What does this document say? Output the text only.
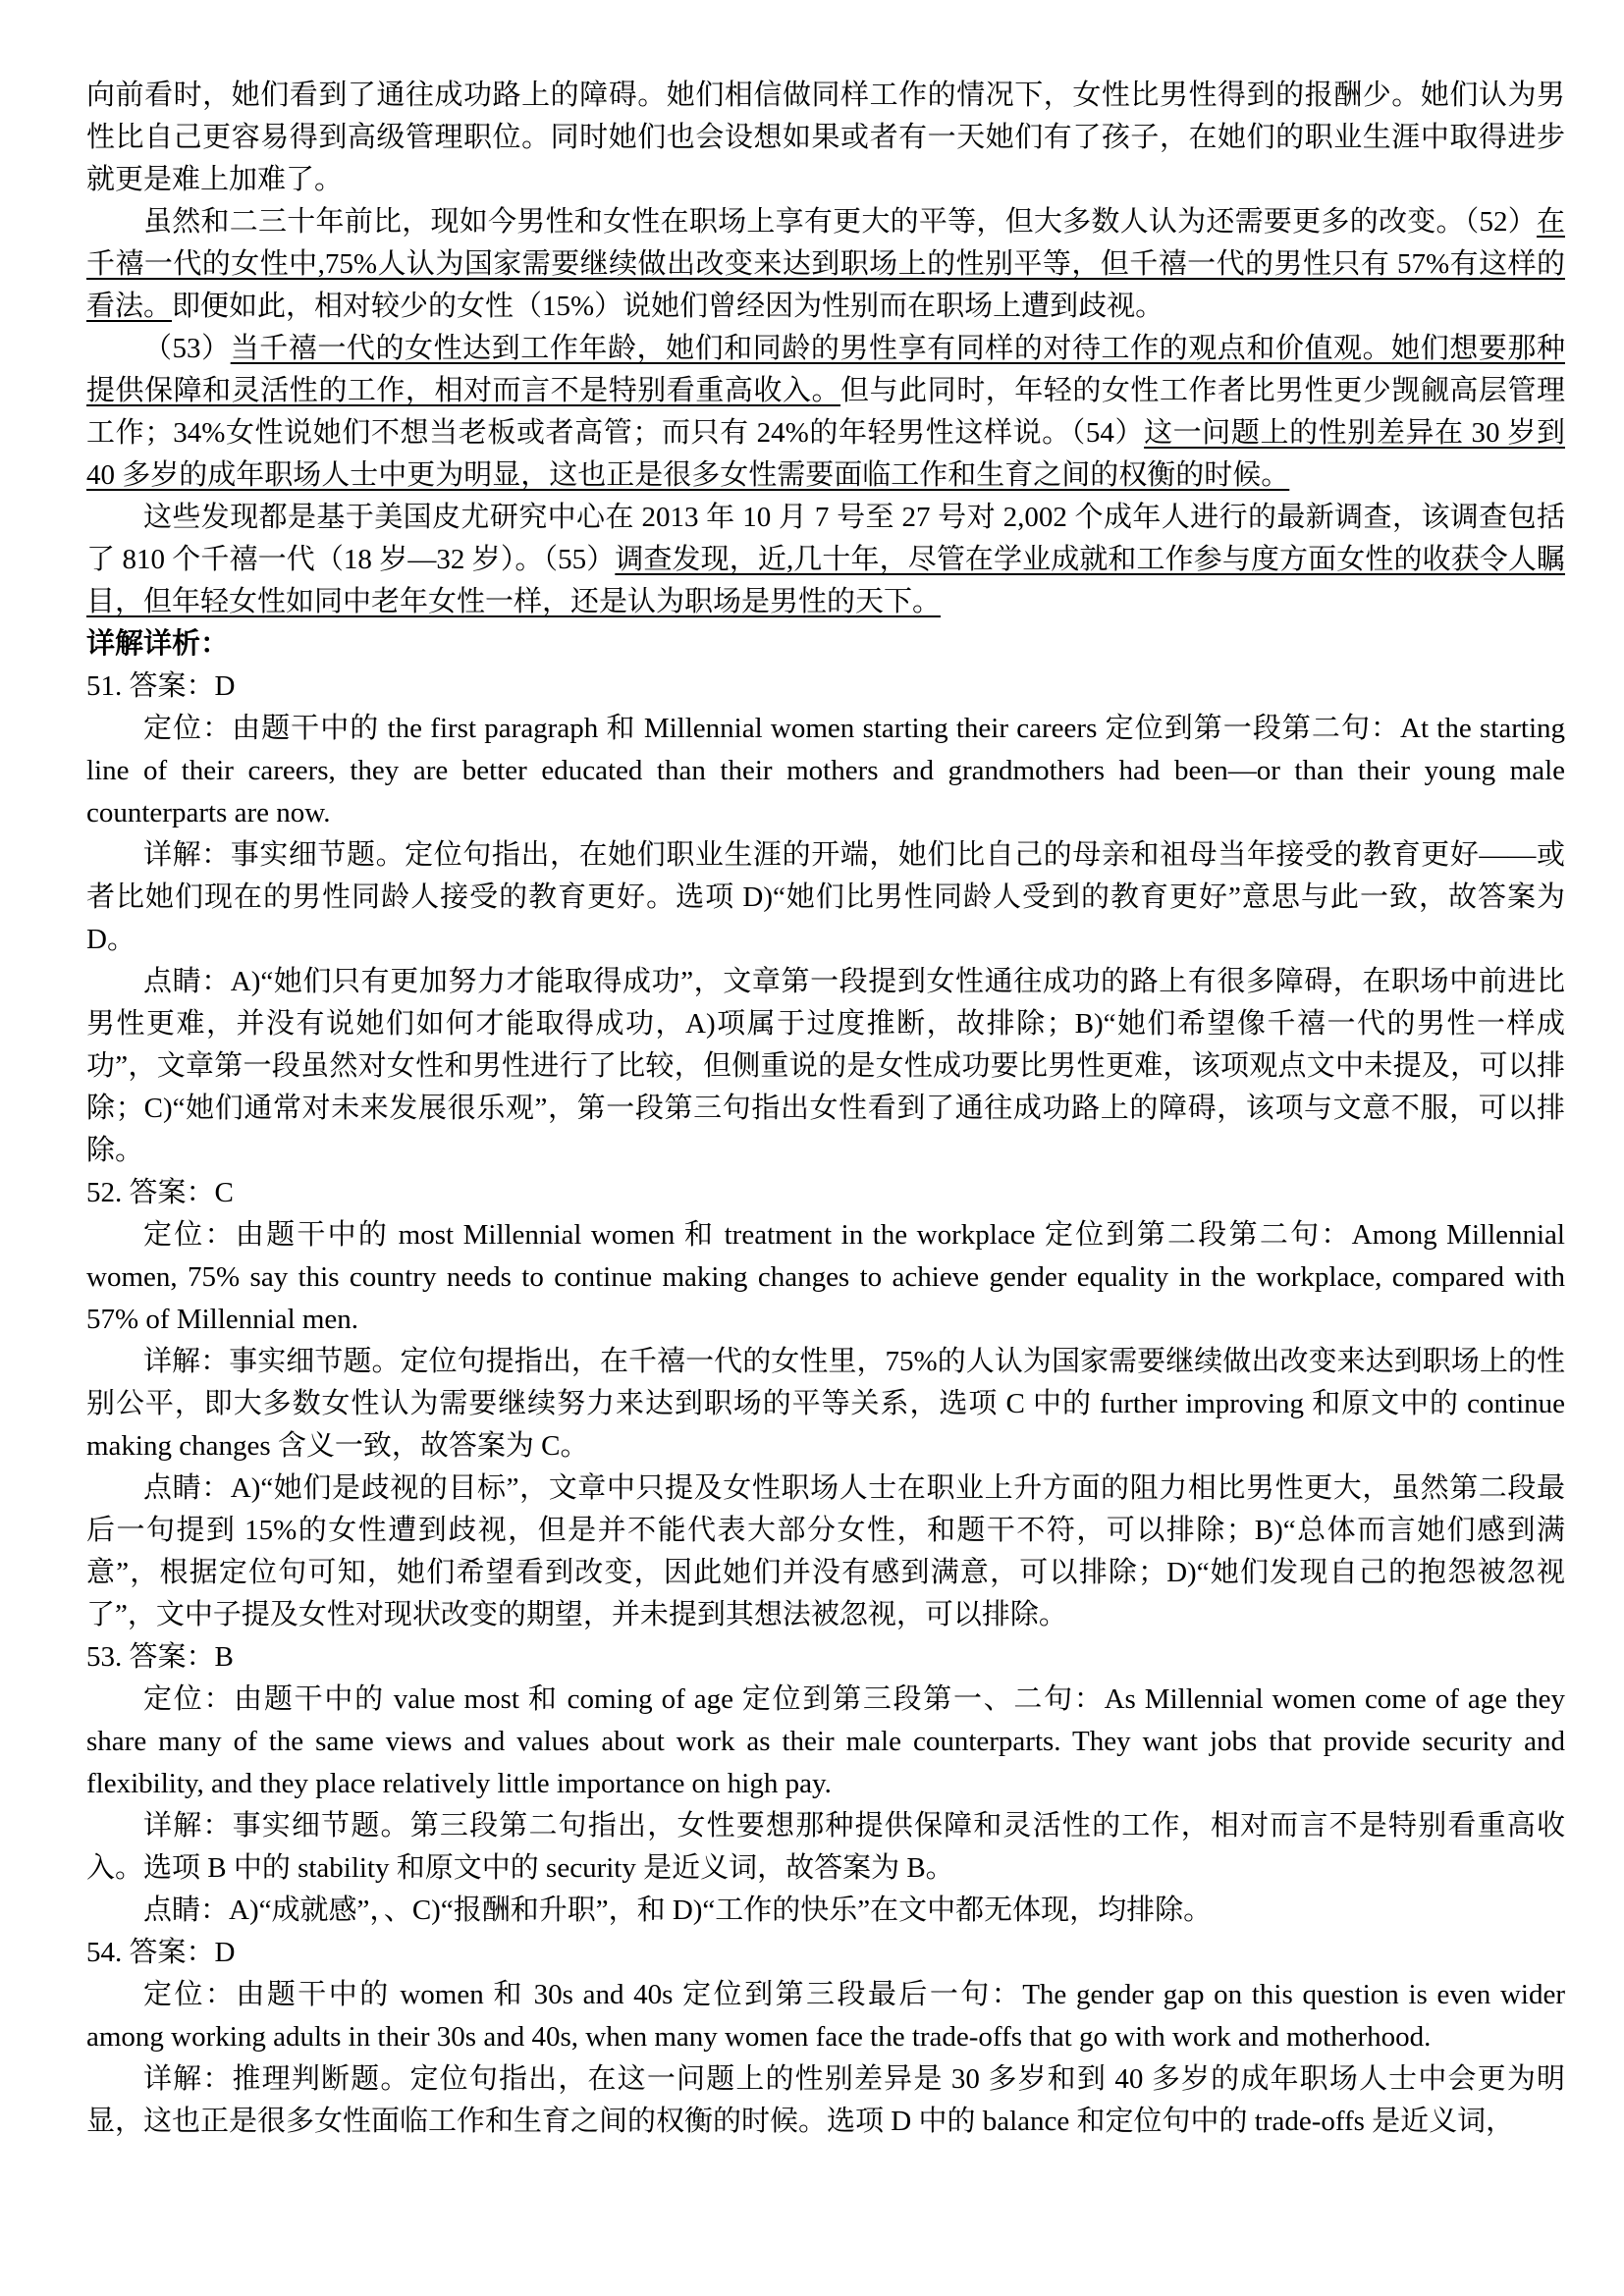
向前看时，她们看到了通往成功路上的障碍。她们相信做同样工作的情况下，女性比男性得到的报酬少。她们认为男性比自己更容易得到高级管理职位。同时她们也会设想如果或者有一天她们有了孩子，在她们的职业生涯中取得进步就更是难上加难了。

虽然和二三十年前比，现如今男性和女性在职场上享有更大的平等，但大多数人认为还需要更多的改变。（52）在千禧一代的女性中,75%人认为国家需要继续做出改变来达到职场上的性别平等，但千禧一代的男性只有 57%有这样的看法。即便如此，相对较少的女性（15%）说她们曾经因为性别而在职场上遭到歧视。

（53）当千禧一代的女性达到工作年龄，她们和同龄的男性享有同样的对待工作的观点和价值观。她们想要那种提供保障和灵活性的工作，相对而言不是特别看重高收入。但与此同时，年轻的女性工作者比男性更少觊觎高层管理工作；34%女性说她们不想当老板或者高管；而只有 24%的年轻男性这样说。（54）这一问题上的性别差异在 30 岁到 40 多岁的成年职场人士中更为明显，这也正是很多女性需要面临工作和生育之间的权衡的时候。

这些发现都是基于美国皮尤研究中心在 2013 年 10 月 7 号至 27 号对 2,002 个成年人进行的最新调查，该调查包括了 810 个千禧一代（18 岁—32 岁）。（55）调查发现，近,几十年，尽管在学业成就和工作参与度方面女性的收获令人瞩目，但年轻女性如同中老年女性一样，还是认为职场是男性的天下。

详解详析：

51. 答案：D

定位：由题干中的 the first paragraph 和 Millennial women starting their careers 定位到第一段第二句：At the starting line of their careers, they are better educated than their mothers and grandmothers had been—or than their young male counterparts are now.

详解：事实细节题。定位句指出，在她们职业生涯的开端，她们比自己的母亲和祖母当年接受的教育更好——或者比她们现在的男性同龄人接受的教育更好。选项 D)“她们比男性同龄人受到的教育更好”意思与此一致，故答案为 D。

点睛：A)“她们只有更加努力才能取得成功”，文章第一段提到女性通往成功的路上有很多障碍，在职场中前进比男性更难，并没有说她们如何才能取得成功，A)项属于过度推断，故排除；B)“她们希望像千禧一代的男性一样成功”，文章第一段虽然对女性和男性进行了比较，但侧重说的是女性成功要比男性更难，该项观点文中未提及，可以排除；C)“她们通常对未来发展很乐观”，第一段第三句指出女性看到了通往成功路上的障碍，该项与文意不服，可以排除。

52. 答案：C

定位：由题干中的 most Millennial women 和 treatment in the workplace 定位到第二段第二句：Among Millennial women, 75% say this country needs to continue making changes to achieve gender equality in the workplace, compared with 57% of Millennial men.

详解：事实细节题。定位句提指出，在千禧一代的女性里，75%的人认为国家需要继续做出改变来达到职场上的性别公平，即大多数女性认为需要继续努力来达到职场的平等关系，选项 C 中的 further improving 和原文中的 continue making changes 含义一致，故答案为 C。

点睛：A)“她们是歧视的目标”，文章中只提及女性职场人士在职业上升方面的阻力相比男性更大，虽然第二段最后一句提到 15%的女性遭到歧视，但是并不能代表大部分女性，和题干不符，可以排除；B)“总体而言她们感到满意”，根据定位句可知，她们希望看到改变，因此她们并没有感到满意，可以排除；D)“她们发现自己的抱怨被忽视了”，文中子提及女性对现状改变的期望，并未提到其想法被忽视，可以排除。

53. 答案：B

定位：由题干中的 value most 和 coming of age 定位到第三段第一、二句：As Millennial women come of age they share many of the same views and values about work as their male counterparts. They want jobs that provide security and flexibility, and they place relatively little importance on high pay.

详解：事实细节题。第三段第二句指出，女性要想那种提供保障和灵活性的工作，相对而言不是特别看重高收入。选项 B 中的 stability 和原文中的 security 是近义词，故答案为 B。

点睛：A)“成就感”，、C)“报酬和升职”，和 D)“工作的快乐”在文中都无体现，均排除。

54. 答案：D

定位：由题干中的 women 和 30s and 40s 定位到第三段最后一句：The gender gap on this question is even wider among working adults in their 30s and 40s, when many women face the trade-offs that go with work and motherhood.

详解：推理判断题。定位句指出，在这一问题上的性别差异是 30 多岁和到 40 多岁的成年职场人士中会更为明显，这也正是很多女性面临工作和生育之间的权衡的时候。选项 D 中的 balance 和定位句中的 trade-offs 是近义词，
